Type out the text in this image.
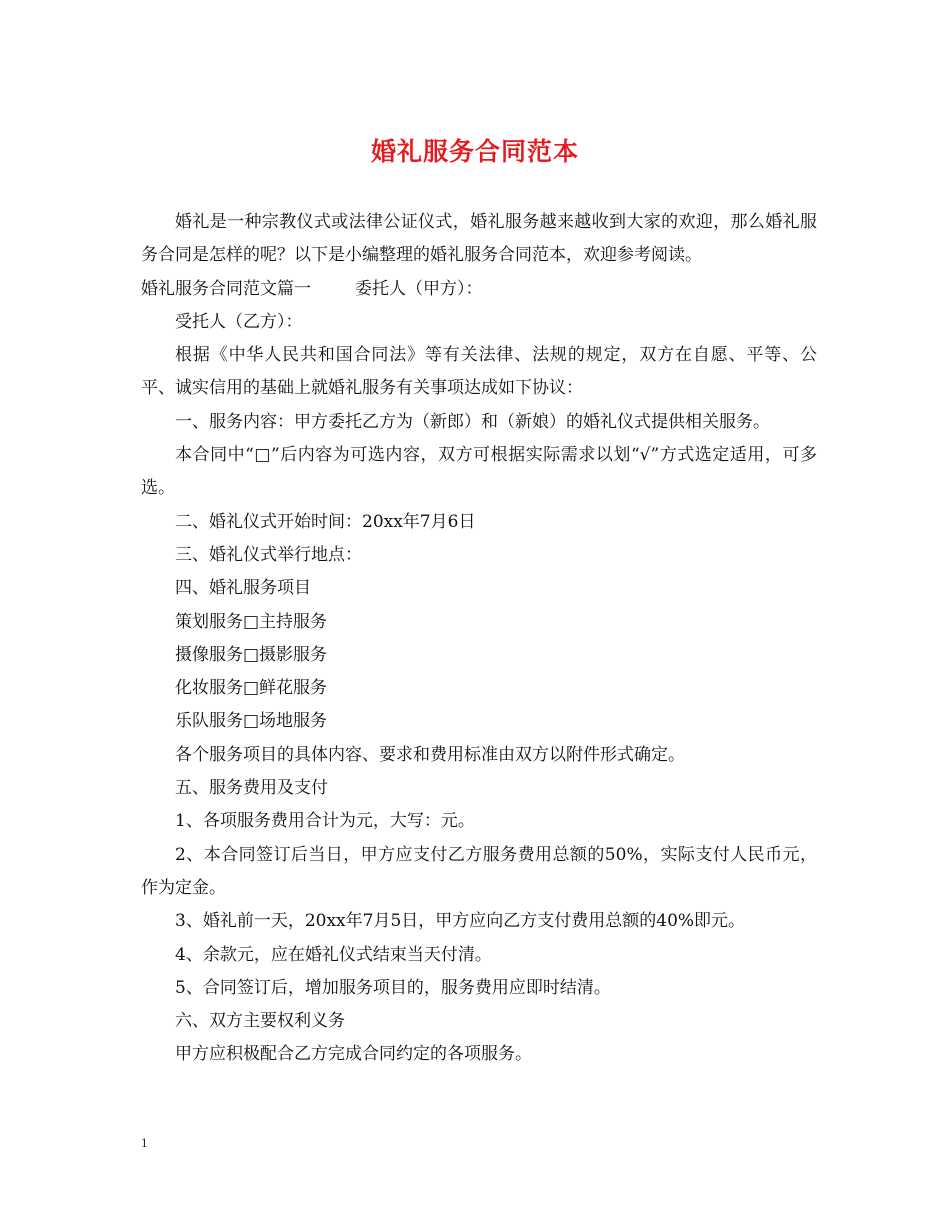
婚礼服务合同范本

婚礼是一种宗教仪式或法律公证仪式，婚礼服务越来越收到大家的欢迎，那么婚礼服务合同是怎样的呢？以下是小编整理的婚礼服务合同范本，欢迎参考阅读。

婚礼服务合同范文篇一	委托人（甲方）：

受托人（乙方）：

根据《中华人民共和国合同法》等有关法律、法规的规定，双方在自愿、平等、公平、诚实信用的基础上就婚礼服务有关事项达成如下协议：

一、服务内容：甲方委托乙方为（新郎）和（新娘）的婚礼仪式提供相关服务。

本合同中“□”后内容为可选内容，双方可根据实际需求以划“√”方式选定适用，可多选。

二、婚礼仪式开始时间：20xx年7月6日

三、婚礼仪式举行地点：

四、婚礼服务项目

策划服务□主持服务

摄像服务□摄影服务

化妆服务□鲜花服务

乐队服务□场地服务

各个服务项目的具体内容、要求和费用标准由双方以附件形式确定。

五、服务费用及支付

1、各项服务费用合计为元，大写：元。

2、本合同签订后当日，甲方应支付乙方服务费用总额的50%，实际支付人民币元，作为定金。

3、婚礼前一天，20xx年7月5日，甲方应向乙方支付费用总额的40%即元。

4、余款元，应在婚礼仪式结束当天付清。

5、合同签订后，增加服务项目的，服务费用应即时结清。

六、双方主要权利义务

甲方应积极配合乙方完成合同约定的各项服务。

1
